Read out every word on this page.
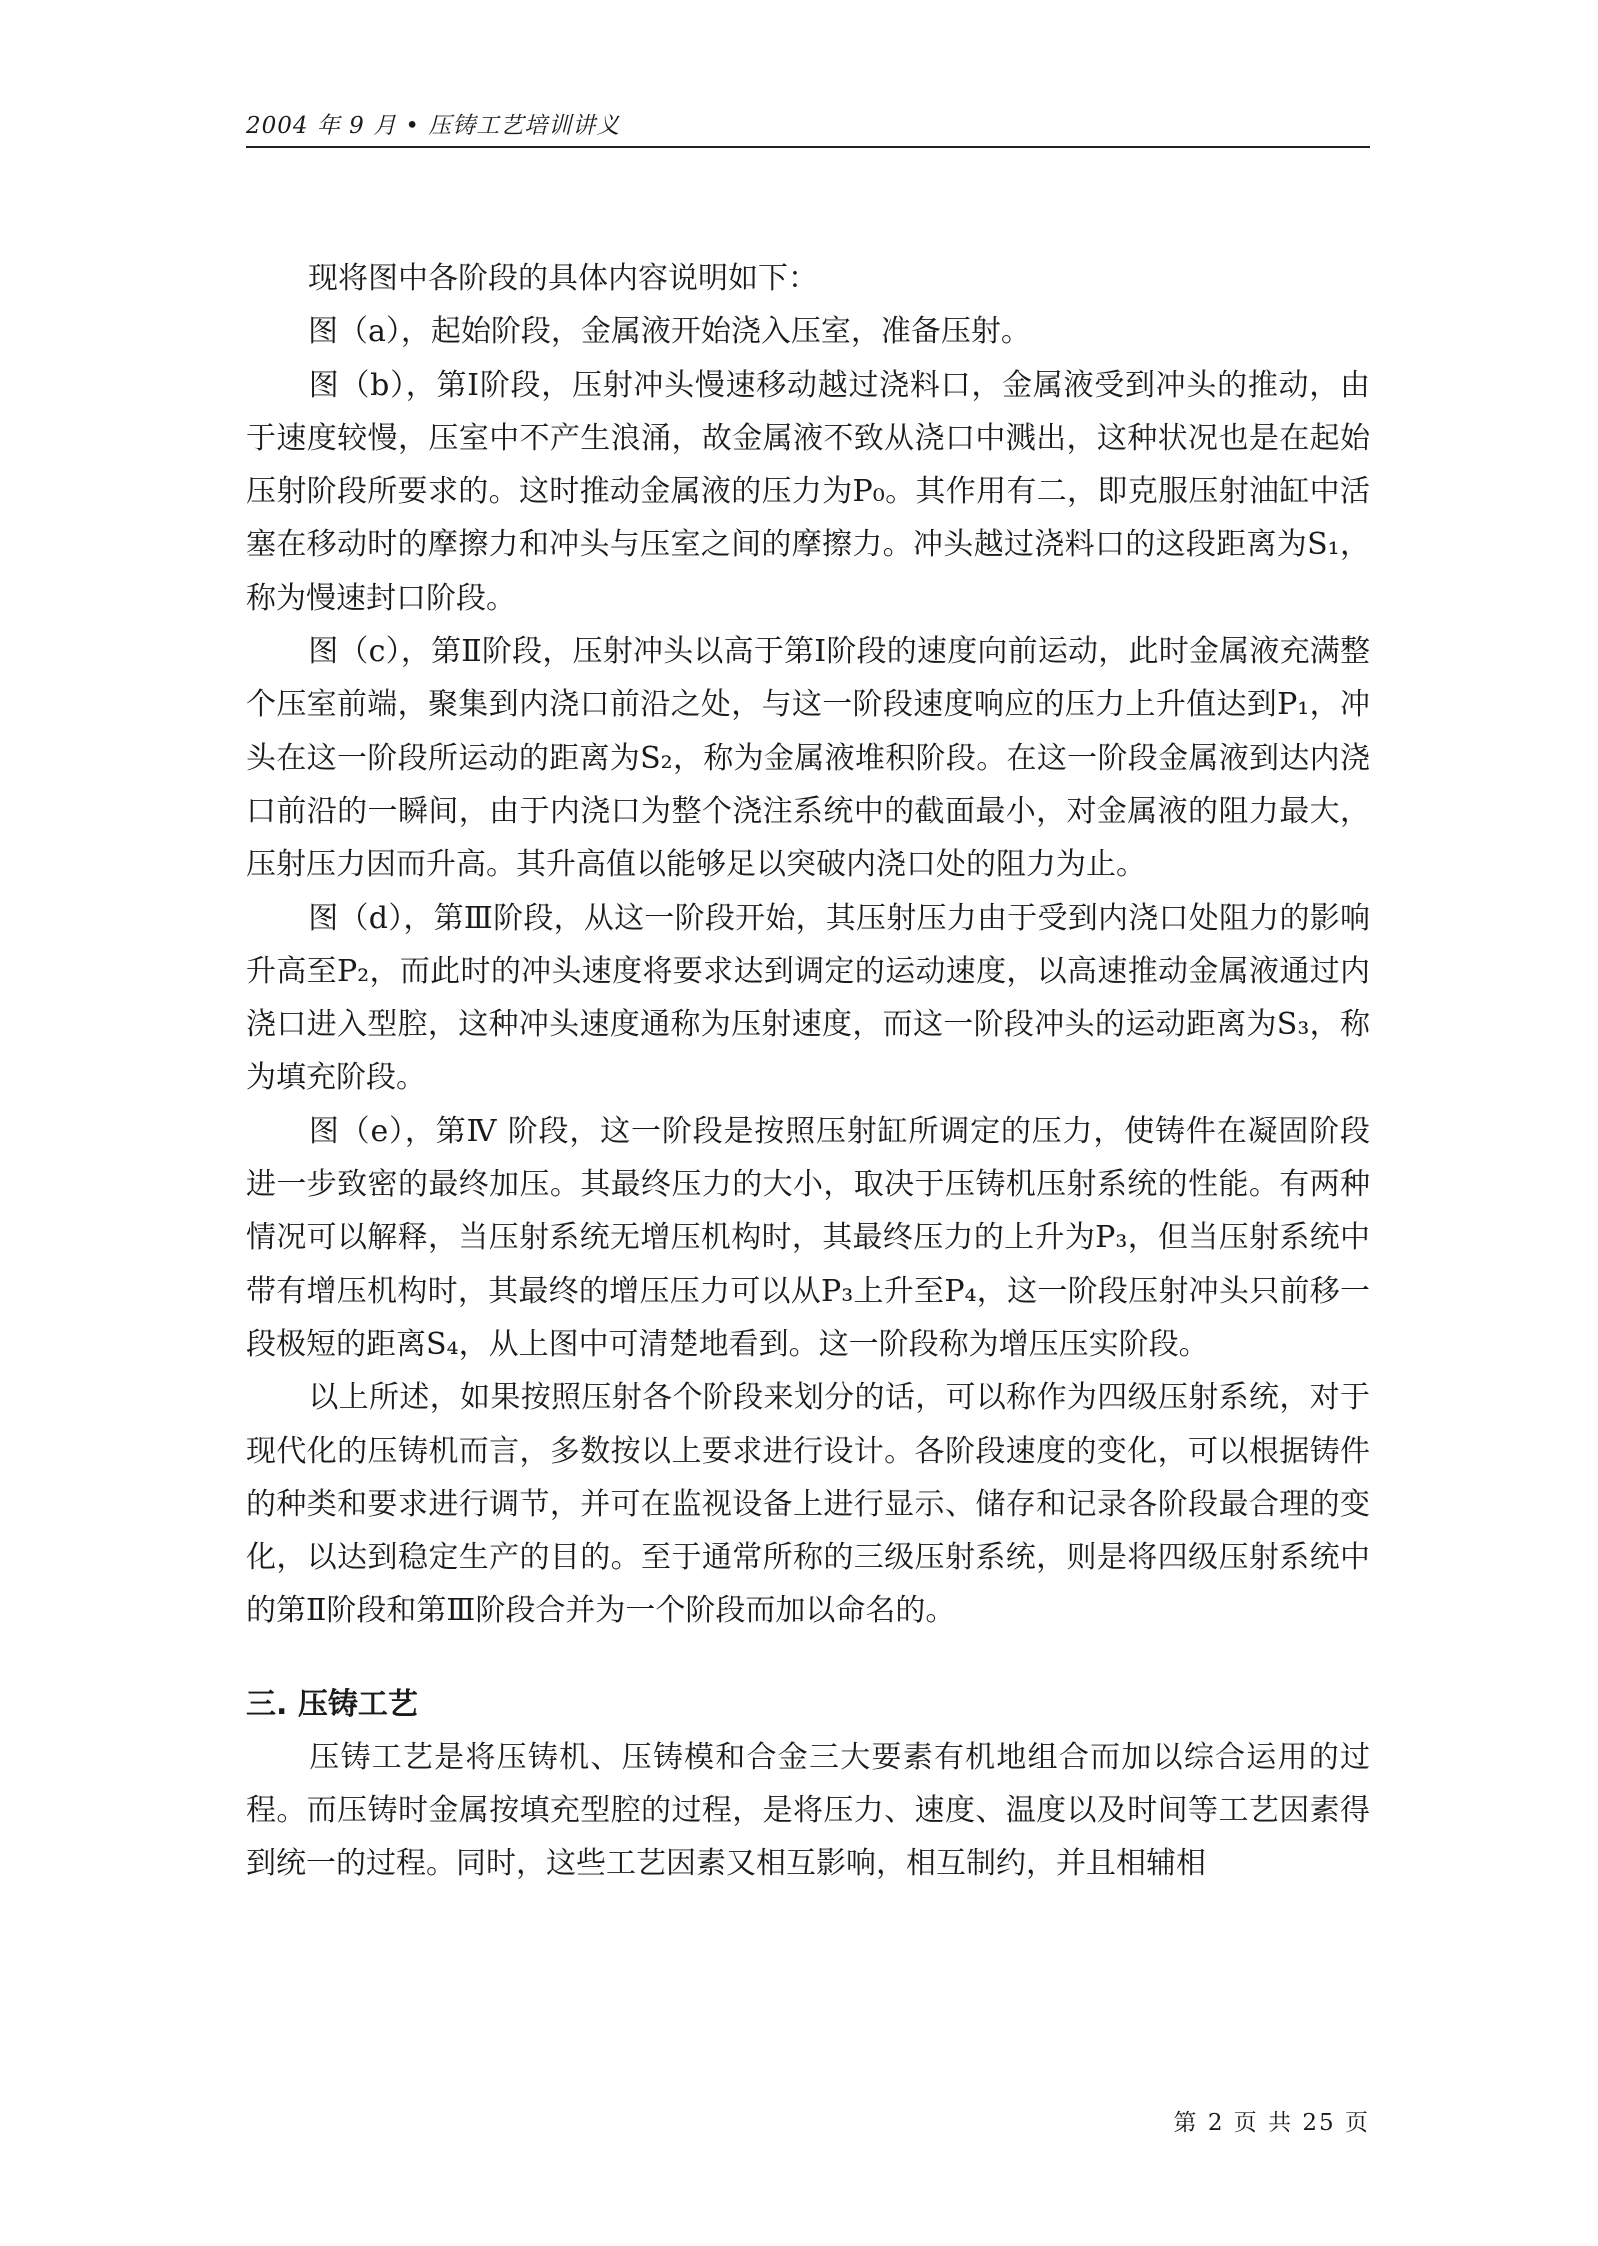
2004 年 9 月 • 压铸工艺培训讲义

现将图中各阶段的具体内容说明如下：

图（a），起始阶段，金属液开始浇入压室，准备压射。

图（b），第Ⅰ阶段，压射冲头慢速移动越过浇料口，金属液受到冲头的推动，由于速度较慢，压室中不产生浪涌，故金属液不致从浇口中溅出，这种状况也是在起始压射阶段所要求的。这时推动金属液的压力为P₀。其作用有二，即克服压射油缸中活塞在移动时的摩擦力和冲头与压室之间的摩擦力。冲头越过浇料口的这段距离为S₁，称为慢速封口阶段。

图（c），第Ⅱ阶段，压射冲头以高于第Ⅰ阶段的速度向前运动，此时金属液充满整个压室前端，聚集到内浇口前沿之处，与这一阶段速度响应的压力上升值达到P₁，冲头在这一阶段所运动的距离为S₂，称为金属液堆积阶段。在这一阶段金属液到达内浇口前沿的一瞬间，由于内浇口为整个浇注系统中的截面最小，对金属液的阻力最大，压射压力因而升高。其升高值以能够足以突破内浇口处的阻力为止。

图（d），第Ⅲ阶段，从这一阶段开始，其压射压力由于受到内浇口处阻力的影响升高至P₂，而此时的冲头速度将要求达到调定的运动速度，以高速推动金属液通过内浇口进入型腔，这种冲头速度通称为压射速度，而这一阶段冲头的运动距离为S₃，称为填充阶段。

图（e），第Ⅳ 阶段，这一阶段是按照压射缸所调定的压力，使铸件在凝固阶段进一步致密的最终加压。其最终压力的大小，取决于压铸机压射系统的性能。有两种情况可以解释，当压射系统无增压机构时，其最终压力的上升为P₃，但当压射系统中带有增压机构时，其最终的增压压力可以从P₃上升至P₄，这一阶段压射冲头只前移一段极短的距离S₄，从上图中可清楚地看到。这一阶段称为增压压实阶段。

以上所述，如果按照压射各个阶段来划分的话，可以称作为四级压射系统，对于现代化的压铸机而言，多数按以上要求进行设计。各阶段速度的变化，可以根据铸件的种类和要求进行调节，并可在监视设备上进行显示、储存和记录各阶段最合理的变化，以达到稳定生产的目的。至于通常所称的三级压射系统，则是将四级压射系统中的第Ⅱ阶段和第Ⅲ阶段合并为一个阶段而加以命名的。

三. 压铸工艺

压铸工艺是将压铸机、压铸模和合金三大要素有机地组合而加以综合运用的过程。而压铸时金属按填充型腔的过程，是将压力、速度、温度以及时间等工艺因素得到统一的过程。同时，这些工艺因素又相互影响，相互制约，并且相辅相

第 2 页 共 25 页
